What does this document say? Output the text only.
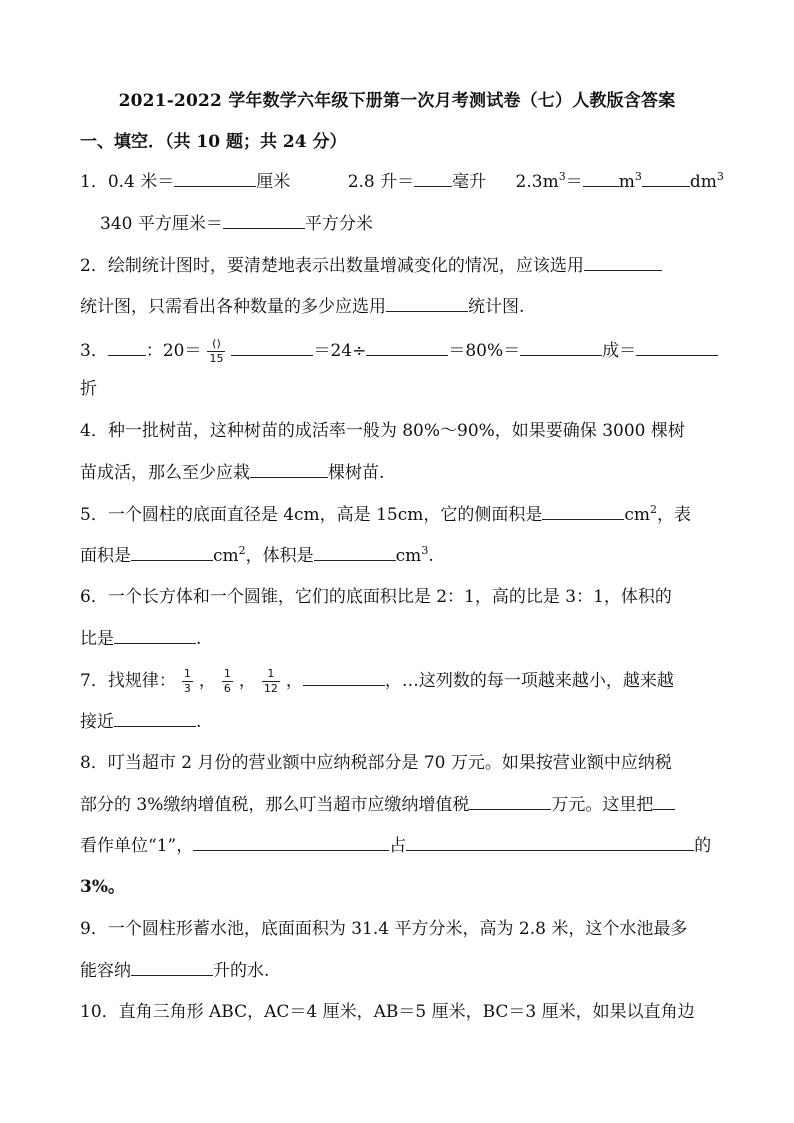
2021-2022 学年数学六年级下册第一次月考测试卷（七）人教版含答案
一、填空．（共 10 题；共 24 分）
1．0.4 米＝	厘米	2.8 升＝ 毫升 $2.3m^3= m^3$	$dm^3$
340 平方厘米＝	平方分米
2．绘制统计图时，要清楚地表示出数量增减变化的情况，应该选用
统计图，只需看出各种数量的多少应选用	统计图.
3． ：$20= \frac{()}{15}$	＝24÷	＝80%＝	成＝
折
4．种一批树苗，这种树苗的成活率一般为 80%～90%，如果要确保 3000 棵树
苗成活，那么至少应栽	棵树苗.
5．一个圆柱的底面直径是 4cm，高是 15cm，它的侧面积是	$cm^2$，表
面积是	$cm^2$，体积是	$cm^3$.
6．一个长方体和一个圆锥，它们的底面积比是 2：1，高的比是 3：1，体积的
比是	.
7．找规律： $\frac{1}{3}$ ， $\frac{1}{6}$ ， $\frac{1}{12}$ ，	，…这列数的每一项越来越小，越来越
接近	.
8．叮当超市 2 月份的营业额中应纳税部分是 70 万元。如果按营业额中应纳税
部分的 3%缴纳增值税，那么叮当超市应缴纳增值税	万元。这里把
看作单位“1”，	占	的
3%。
9．一个圆柱形蓄水池，底面面积为 31.4 平方分米，高为 2.8 米，这个水池最多
能容纳	升的水.
10．直角三角形 ABC，AC＝4 厘米，AB＝5 厘米，BC＝3 厘米，如果以直角边
